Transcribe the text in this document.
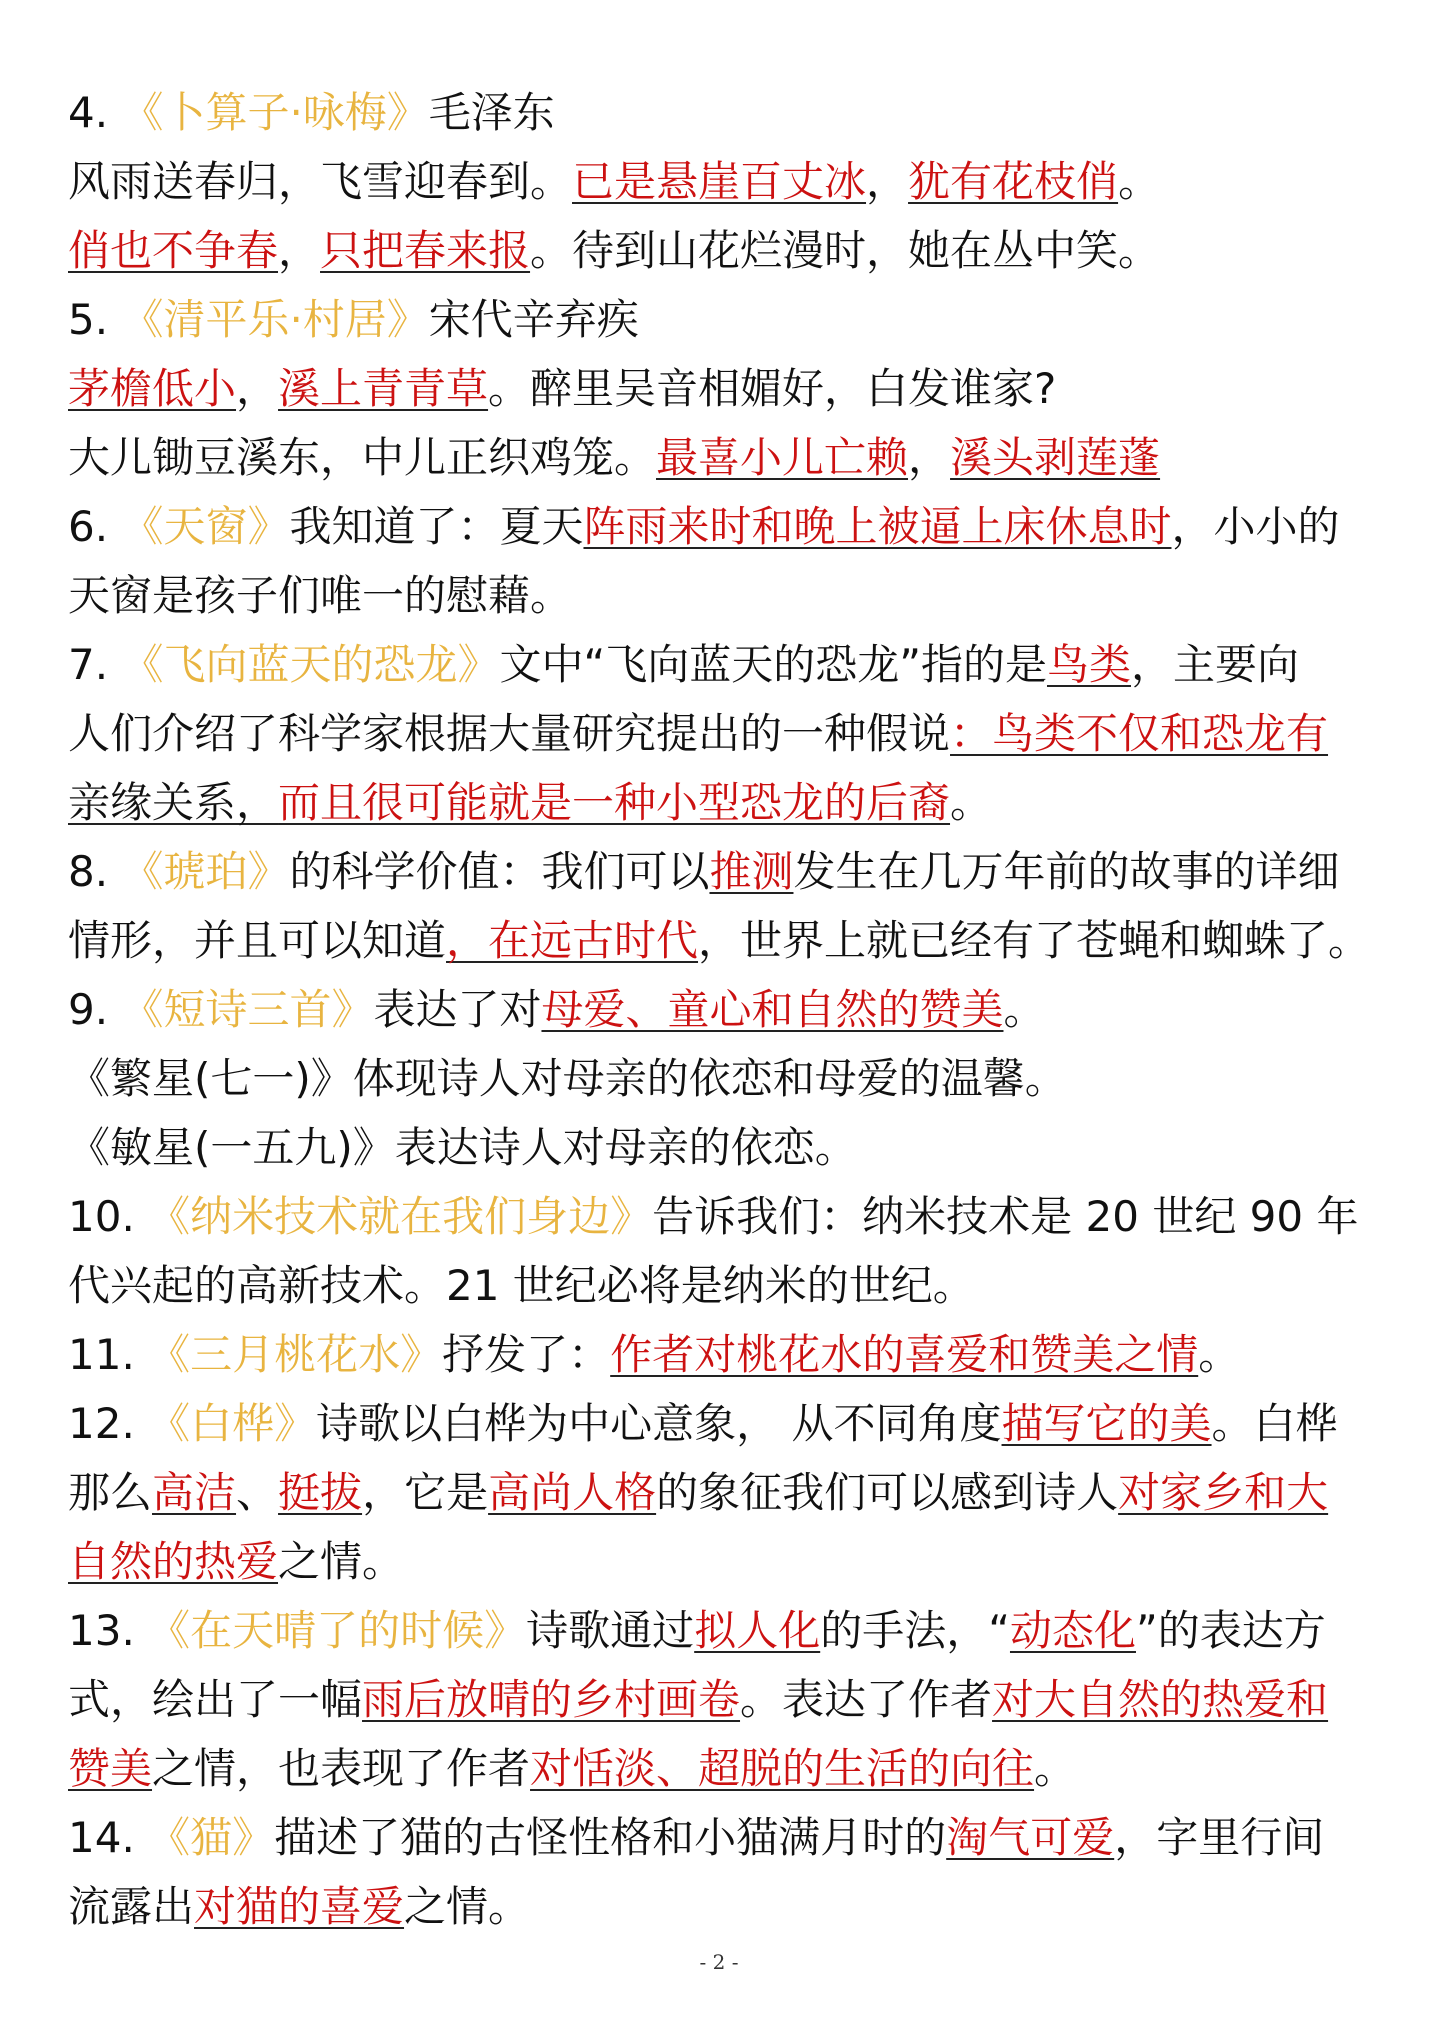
4. 《卜算子·咏梅》毛泽东
风雨送春归，飞雪迎春到。已是悬崖百丈冰，犹有花枝俏。
俏也不争春，只把春来报。待到山花烂漫时，她在丛中笑。
5. 《清平乐·村居》宋代辛弃疾
茅檐低小，溪上青青草。醉里吴音相媚好，白发谁家?
大儿锄豆溪东，中儿正织鸡笼。最喜小儿亡赖，溪头剥莲蓬
6. 《天窗》我知道了：夏天阵雨来时和晚上被逼上床休息时，小小的
天窗是孩子们唯一的慰藉。
7. 《飞向蓝天的恐龙》文中“飞向蓝天的恐龙”指的是鸟类，主要向
人们介绍了科学家根据大量研究提出的一种假说：鸟类不仅和恐龙有
亲缘关系，而且很可能就是一种小型恐龙的后裔。
8. 《琥珀》的科学价值：我们可以推测发生在几万年前的故事的详细
情形，并且可以知道，在远古时代，世界上就已经有了苍蝇和蜘蛛了。
9. 《短诗三首》表达了对母爱、童心和自然的赞美。
《繁星(七一)》体现诗人对母亲的依恋和母爱的温馨。
《敏星(一五九)》表达诗人对母亲的依恋。
10. 《纳米技术就在我们身边》告诉我们：纳米技术是 20 世纪 90 年
代兴起的高新技术。21 世纪必将是纳米的世纪。
11. 《三月桃花水》抒发了：作者对桃花水的喜爱和赞美之情。
12. 《白桦》诗歌以白桦为中心意象， 从不同角度描写它的美。白桦
那么高洁、挺拔，它是高尚人格的象征我们可以感到诗人对家乡和大
自然的热爱之情。
13. 《在天晴了的时候》诗歌通过拟人化的手法，“动态化”的表达方
式，绘出了一幅雨后放晴的乡村画卷。表达了作者对大自然的热爱和
赞美之情，也表现了作者对恬淡、超脱的生活的向往。
14. 《猫》描述了猫的古怪性格和小猫满月时的淘气可爱，字里行间
流露出对猫的喜爱之情。
- 2 -
